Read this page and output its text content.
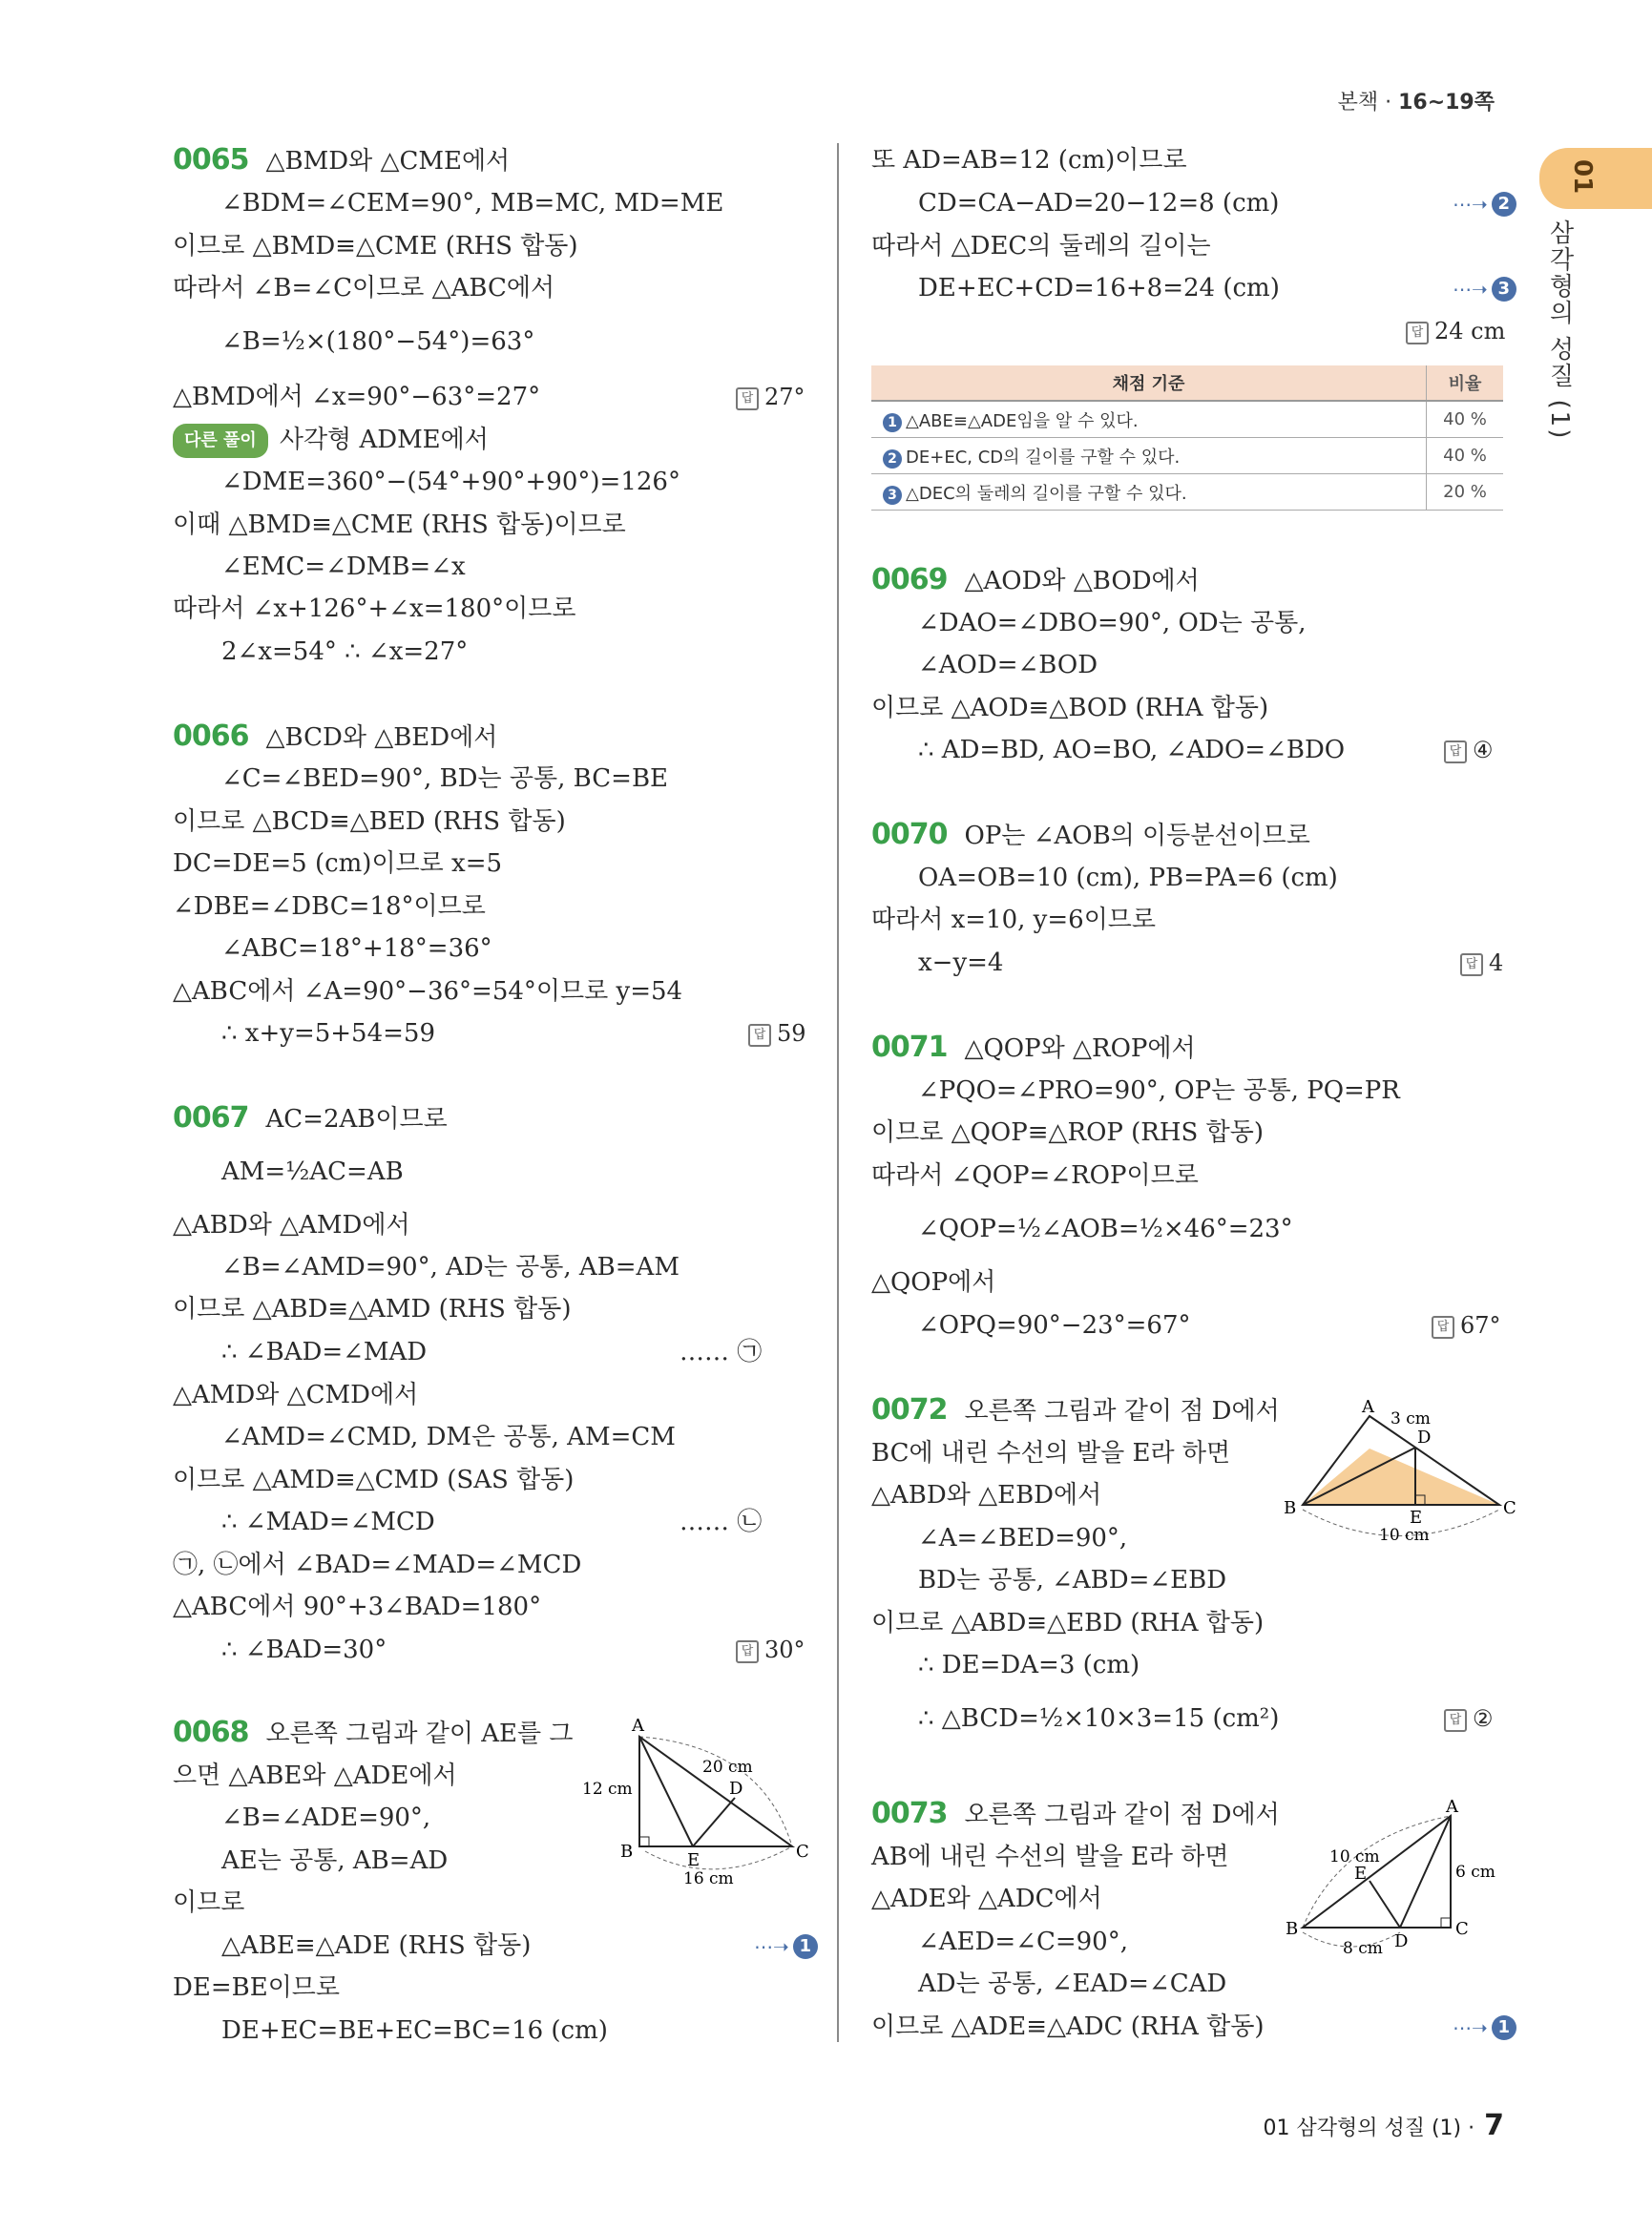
본책 · 16~19쪽
01
삼각형의 성질 (1)
0065 △BMD와 △CME에서
∠BDM=∠CEM=90°, MB=MC, MD=ME
이므로 △BMD≡△CME (RHS 합동)
따라서 ∠B=∠C이므로 △ABC에서
∠B=½×(180°−54°)=63°
△BMD에서 ∠x=90°−63°=27°	답 27°
다른 풀이 사각형 ADME에서
∠DME=360°−(54°+90°+90°)=126°
이때 △BMD≡△CME (RHS 합동)이므로
∠EMC=∠DMB=∠x
따라서 ∠x+126°+∠x=180°이므로
2∠x=54° ∴ ∠x=27°
0066 △BCD와 △BED에서
∠C=∠BED=90°, BD는 공통, BC=BE
이므로 △BCD≡△BED (RHS 합동)
DC=DE=5 (cm)이므로 x=5
∠DBE=∠DBC=18°이므로
∠ABC=18°+18°=36°
△ABC에서 ∠A=90°−36°=54°이므로 y=54
∴ x+y=5+54=59	답 59
0067 AC=2AB이므로
AM=½AC=AB
△ABD와 △AMD에서
∠B=∠AMD=90°, AD는 공통, AB=AM
이므로 △ABD≡△AMD (RHS 합동)
∴ ∠BAD=∠MAD	…… ㉠
△AMD와 △CMD에서
∠AMD=∠CMD, DM은 공통, AM=CM
이므로 △AMD≡△CMD (SAS 합동)
∴ ∠MAD=∠MCD	…… ㉡
㉠, ㉡에서 ∠BAD=∠MAD=∠MCD
△ABC에서 90°+3∠BAD=180°
∴ ∠BAD=30°	답 30°
0068 오른쪽 그림과 같이 AE를 그
으면 △ABE와 △ADE에서
∠B=∠ADE=90°,
AE는 공통, AB=AD
이므로
△ABE≡△ADE (RHS 합동)	⋯➝ 1
DE=BE이므로
DE+EC=BE+EC=BC=16 (cm)
A
B	C
D
E
12 cm
20 cm
16 cm
또 AD=AB=12 (cm)이므로
CD=CA−AD=20−12=8 (cm)	⋯➝ 2
따라서 △DEC의 둘레의 길이는
DE+EC+CD=16+8=24 (cm)	⋯➝ 3
답 24 cm
채점 기준	비율
1 △ABE≡△ADE임을 알 수 있다.	40 %
2 DE+EC, CD의 길이를 구할 수 있다.	40 %
3 △DEC의 둘레의 길이를 구할 수 있다.	20 %
0069 △AOD와 △BOD에서
∠DAO=∠DBO=90°, OD는 공통,
∠AOD=∠BOD
이므로 △AOD≡△BOD (RHA 합동)
∴ AD=BD, AO=BO, ∠ADO=∠BDO	답 ④
0070 OP는 ∠AOB의 이등분선이므로
OA=OB=10 (cm), PB=PA=6 (cm)
따라서 x=10, y=6이므로
x−y=4	답 4
0071 △QOP와 △ROP에서
∠PQO=∠PRO=90°, OP는 공통, PQ=PR
이므로 △QOP≡△ROP (RHS 합동)
따라서 ∠QOP=∠ROP이므로
∠QOP=½∠AOB=½×46°=23°
△QOP에서
∠OPQ=90°−23°=67°	답 67°
0072 오른쪽 그림과 같이 점 D에서
BC에 내린 수선의 발을 E라 하면
△ABD와 △EBD에서
∠A=∠BED=90°,
BD는 공통, ∠ABD=∠EBD
이므로 △ABD≡△EBD (RHA 합동)
∴ DE=DA=3 (cm)
∴ △BCD=½×10×3=15 (cm²)	답 ②
0073 오른쪽 그림과 같이 점 D에서
AB에 내린 수선의 발을 E라 하면
△ADE와 △ADC에서
∠AED=∠C=90°,
AD는 공통, ∠EAD=∠CAD
이므로 △ADE≡△ADC (RHA 합동)	⋯➝ 1
A
B	C
D
E
3 cm
10 cm
A
B	C
D
E
10 cm
6 cm
8 cm
01 삼각형의 성질 (1) · 7
